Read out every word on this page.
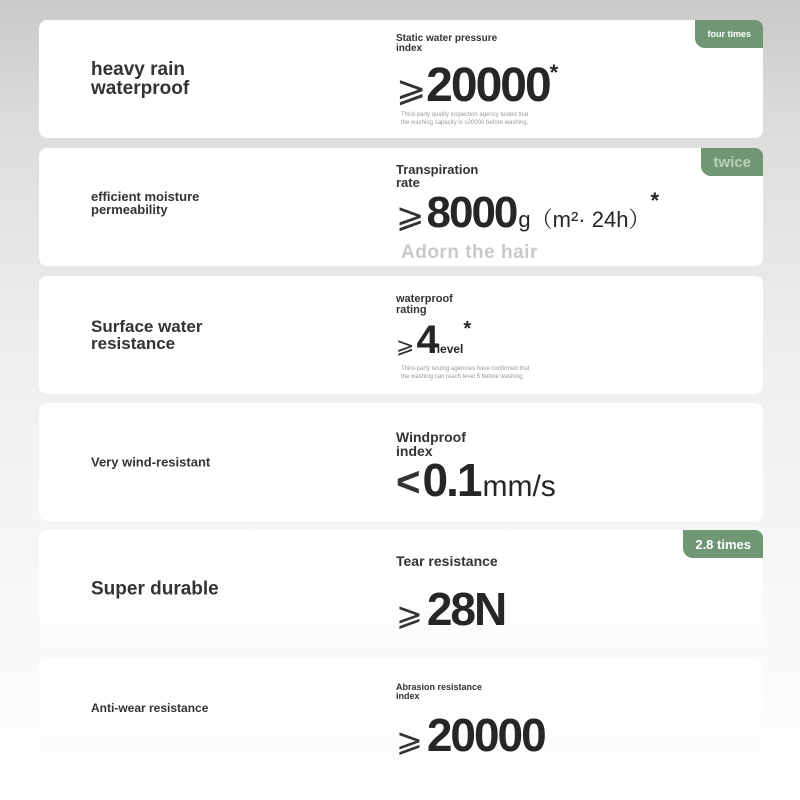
heavy rain
waterproof
Static water pressure
index
⩾ 20000 *
Third-party quality inspection agency tested that
the washing capacity is ≥20000 before washing.
four times
efficient moisture
permeability
Transpiration
rate
⩾ 8000 g（m²· 24h）
*
Adorn the hair
twice
Surface water
resistance
waterproof
rating
⩾ 4 level
*
Third-party testing agencies have confirmed that
the washing can reach level 5 before washing.
Very wind-resistant
Windproof
index
< 0.1 mm/s
Super durable
Tear resistance
⩾ 28N
2.8 times
Anti-wear resistance
Abrasion resistance
index
⩾ 20000
